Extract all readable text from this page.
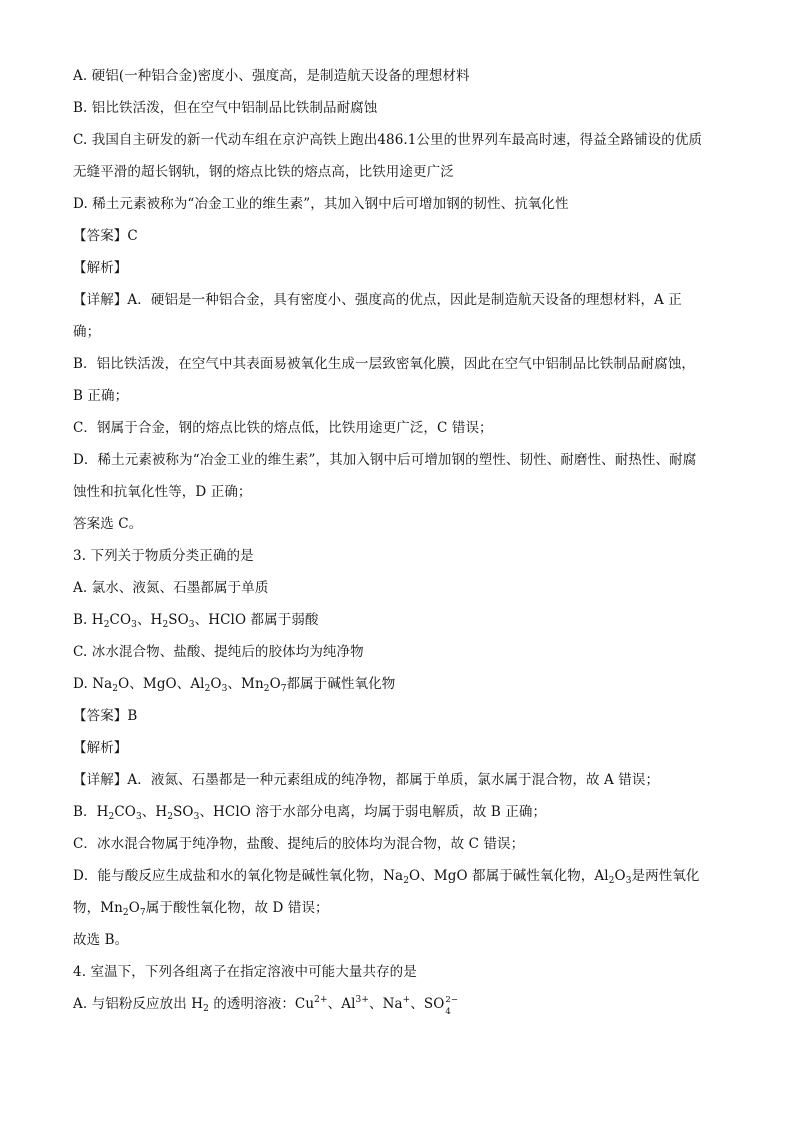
A. 硬铝(一种铝合金)密度小、强度高，是制造航天设备的理想材料
B. 铝比铁活泼，但在空气中铝制品比铁制品耐腐蚀
C. 我国自主研发的新一代动车组在京沪高铁上跑出486.1公里的世界列车最高时速，得益全路铺设的优质
无缝平滑的超长钢轨，钢的熔点比铁的熔点高，比铁用途更广泛
D. 稀土元素被称为“冶金工业的维生素”，其加入钢中后可增加钢的韧性、抗氧化性
【答案】C
【解析】
【详解】A．硬铝是一种铝合金，具有密度小、强度高的优点，因此是制造航天设备的理想材料，A 正
确；
B．铝比铁活泼，在空气中其表面易被氧化生成一层致密氧化膜，因此在空气中铝制品比铁制品耐腐蚀，
B 正确；
C．钢属于合金，钢的熔点比铁的熔点低，比铁用途更广泛，C 错误；
D．稀土元素被称为“冶金工业的维生素”，其加入钢中后可增加钢的塑性、韧性、耐磨性、耐热性、耐腐
蚀性和抗氧化性等，D 正确；
答案选 C。
3. 下列关于物质分类正确的是
A. 氯水、液氮、石墨都属于单质
B. $H_2CO_3$、$H_2SO_3$、HClO 都属于弱酸
C. 冰水混合物、盐酸、提纯后的胶体均为纯净物
D. $Na_2O$、MgO、$Al_2O_3$、$Mn_2O_7$都属于碱性氧化物
【答案】B
【解析】
【详解】A．液氮、石墨都是一种元素组成的纯净物，都属于单质，氯水属于混合物，故 A 错误；
B．$H_2CO_3$、$H_2SO_3$、HClO 溶于水部分电离，均属于弱电解质，故 B 正确；
C．冰水混合物属于纯净物，盐酸、提纯后的胶体均为混合物，故 C 错误；
D．能与酸反应生成盐和水的氧化物是碱性氧化物，$Na_2O$、MgO 都属于碱性氧化物，$Al_2O_3$是两性氧化
物，$Mn_2O_7$属于酸性氧化物，故 D 错误；
故选 B。
4. 室温下，下列各组离子在指定溶液中可能大量共存的是
A. 与铝粉反应放出 $H_2$ 的透明溶液：$Cu^{2+}$、$Al^{3+}$、Na+、SO 2−
4
